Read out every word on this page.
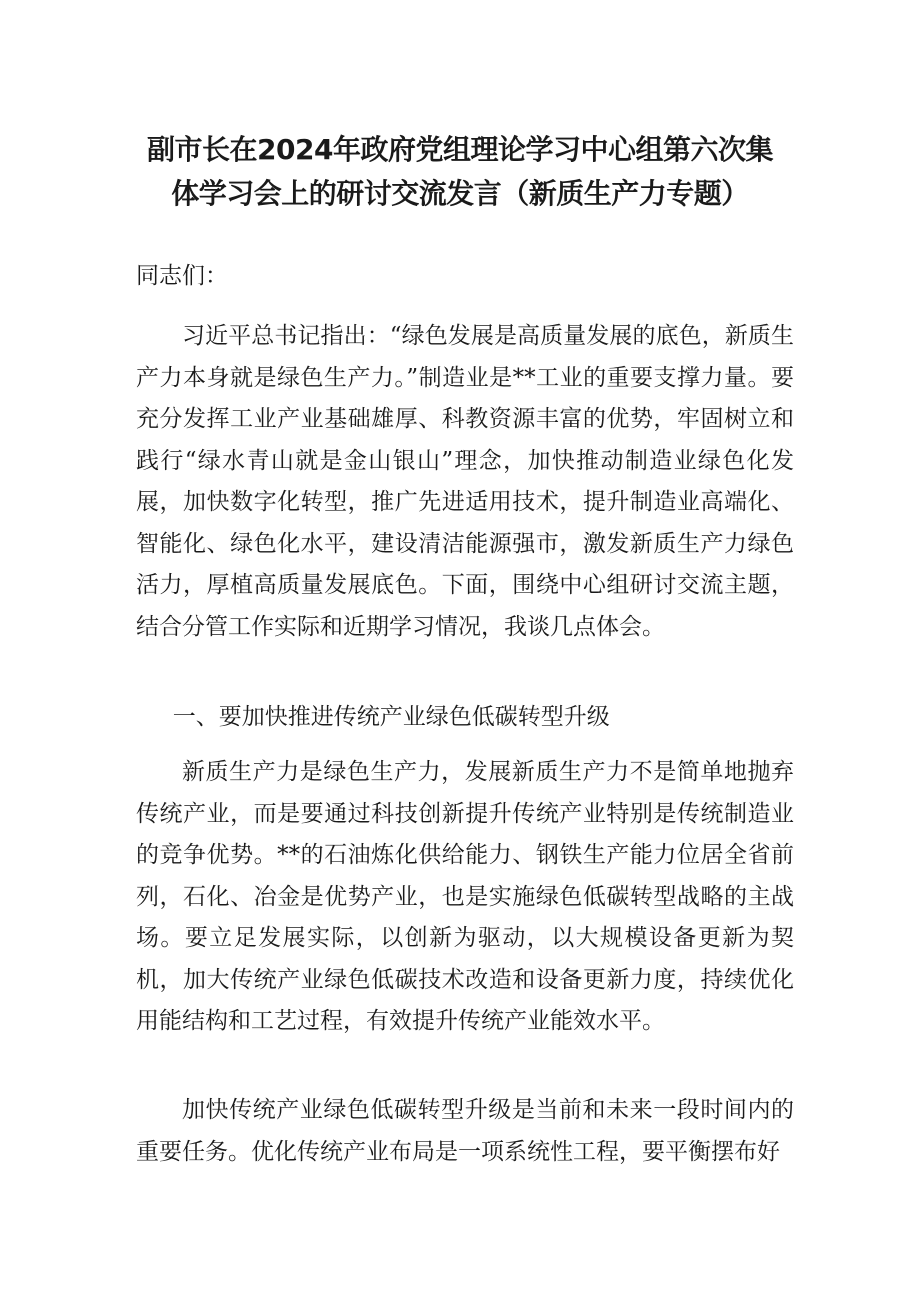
副市长在2024年政府党组理论学习中心组第六次集
体学习会上的研讨交流发言（新质生产力专题）
同志们：

习近平总书记指出：“绿色发展是高质量发展的底色，新质生产力本身就是绿色生产力。”制造业是**工业的重要支撑力量。要充分发挥工业产业基础雄厚、科教资源丰富的优势，牢固树立和践行“绿水青山就是金山银山”理念，加快推动制造业绿色化发展，加快数字化转型，推广先进适用技术，提升制造业高端化、智能化、绿色化水平，建设清洁能源强市，激发新质生产力绿色活力，厚植高质量发展底色。下面，围绕中心组研讨交流主题，结合分管工作实际和近期学习情况，我谈几点体会。

一、要加快推进传统产业绿色低碳转型升级

新质生产力是绿色生产力，发展新质生产力不是简单地抛弃传统产业，而是要通过科技创新提升传统产业特别是传统制造业的竞争优势。**的石油炼化供给能力、钢铁生产能力位居全省前列，石化、冶金是优势产业，也是实施绿色低碳转型战略的主战场。要立足发展实际，以创新为驱动，以大规模设备更新为契机，加大传统产业绿色低碳技术改造和设备更新力度，持续优化用能结构和工艺过程，有效提升传统产业能效水平。

加快传统产业绿色低碳转型升级是当前和未来一段时间内的重要任务。优化传统产业布局是一项系统性工程，要平衡摆布好
